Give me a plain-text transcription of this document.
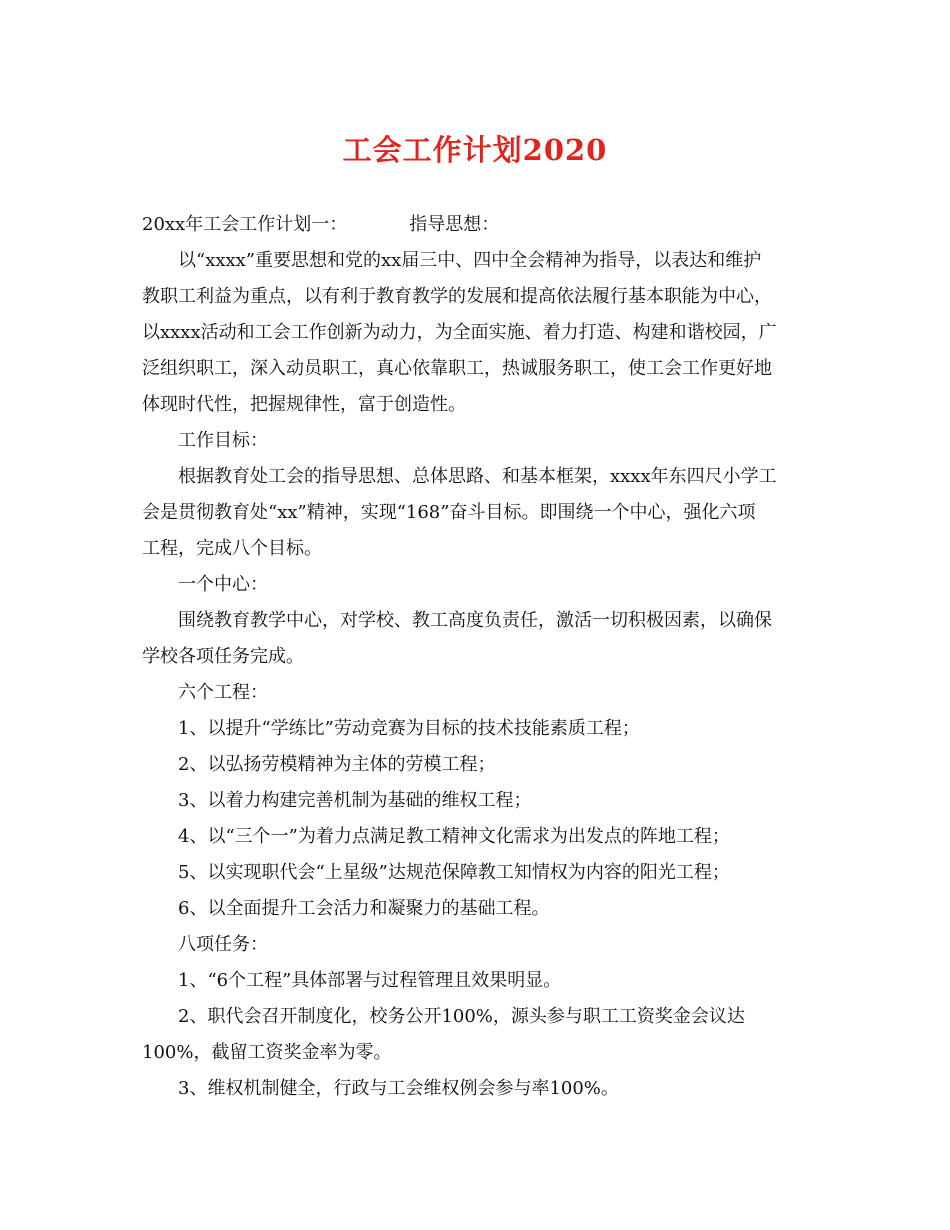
工会工作计划2020
20xx年工会工作计划一：	指导思想：
以“xxxx”重要思想和党的xx届三中、四中全会精神为指导，以表达和维护
教职工利益为重点，以有利于教育教学的发展和提高依法履行基本职能为中心，
以xxxx活动和工会工作创新为动力，为全面实施、着力打造、构建和谐校园，广
泛组织职工，深入动员职工，真心依靠职工，热诚服务职工，使工会工作更好地
体现时代性，把握规律性，富于创造性。
工作目标：
根据教育处工会的指导思想、总体思路、和基本框架，xxxx年东四尺小学工
会是贯彻教育处“xx”精神，实现“168”奋斗目标。即围绕一个中心，强化六项
工程，完成八个目标。
一个中心：
围绕教育教学中心，对学校、教工高度负责任，激活一切积极因素，以确保
学校各项任务完成。
六个工程：
1、以提升“学练比”劳动竞赛为目标的技术技能素质工程；
2、以弘扬劳模精神为主体的劳模工程；
3、以着力构建完善机制为基础的维权工程；
4、以“三个一”为着力点满足教工精神文化需求为出发点的阵地工程；
5、以实现职代会“上星级”达规范保障教工知情权为内容的阳光工程；
6、以全面提升工会活力和凝聚力的基础工程。
八项任务：
1、“6个工程”具体部署与过程管理且效果明显。
2、职代会召开制度化，校务公开100%，源头参与职工工资奖金会议达
100%，截留工资奖金率为零。
3、维权机制健全，行政与工会维权例会参与率100%。
